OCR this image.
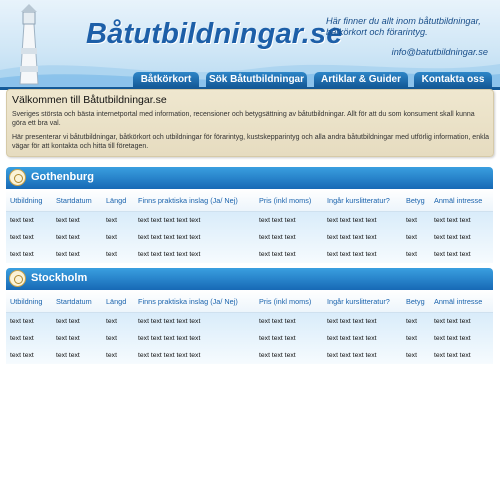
Båtutbildningar.se
Här finner du allt inom båtutbildningar, båtkörkort och förarintyg.
info@batutbildningar.se
Båtkörkort	Sök Båtutbildningar	Artiklar & Guider	Kontakta oss
Välkommen till Båtutbildningar.se

Sveriges största och bästa internetportal med information, recensioner och betygsättning av båtutbildningar. Allt för att du som konsument skall kunna göra ett bra val.

Här presenterar vi båtutbildningar, båtkörkort och utbildningar för förarintyg, kustskepparintyg och alla andra båtutbildningar med utförlig information, enkla vägar för att kontakta och hitta till företagen.

Gothenburg
Utbildning	Startdatum	Längd	Finns praktiska inslag (Ja/ Nej)	Pris (inkl moms)	Ingår kurslitteratur?	Betyg	Anmäl intresse
text text	text text	text	text text text text text	text text text	text text text text	text	text text text
text text	text text	text	text text text text text	text text text	text text text text	text	text text text
text text	text text	text	text text text text text	text text text	text text text text	text	text text text
Stockholm
Utbildning	Startdatum	Längd	Finns praktiska inslag (Ja/ Nej)	Pris (inkl moms)	Ingår kurslitteratur?	Betyg	Anmäl intresse
text text	text text	text	text text text text text	text text text	text text text text	text	text text text
text text	text text	text	text text text text text	text text text	text text text text	text	text text text
text text	text text	text	text text text text text	text text text	text text text text	text	text text text
